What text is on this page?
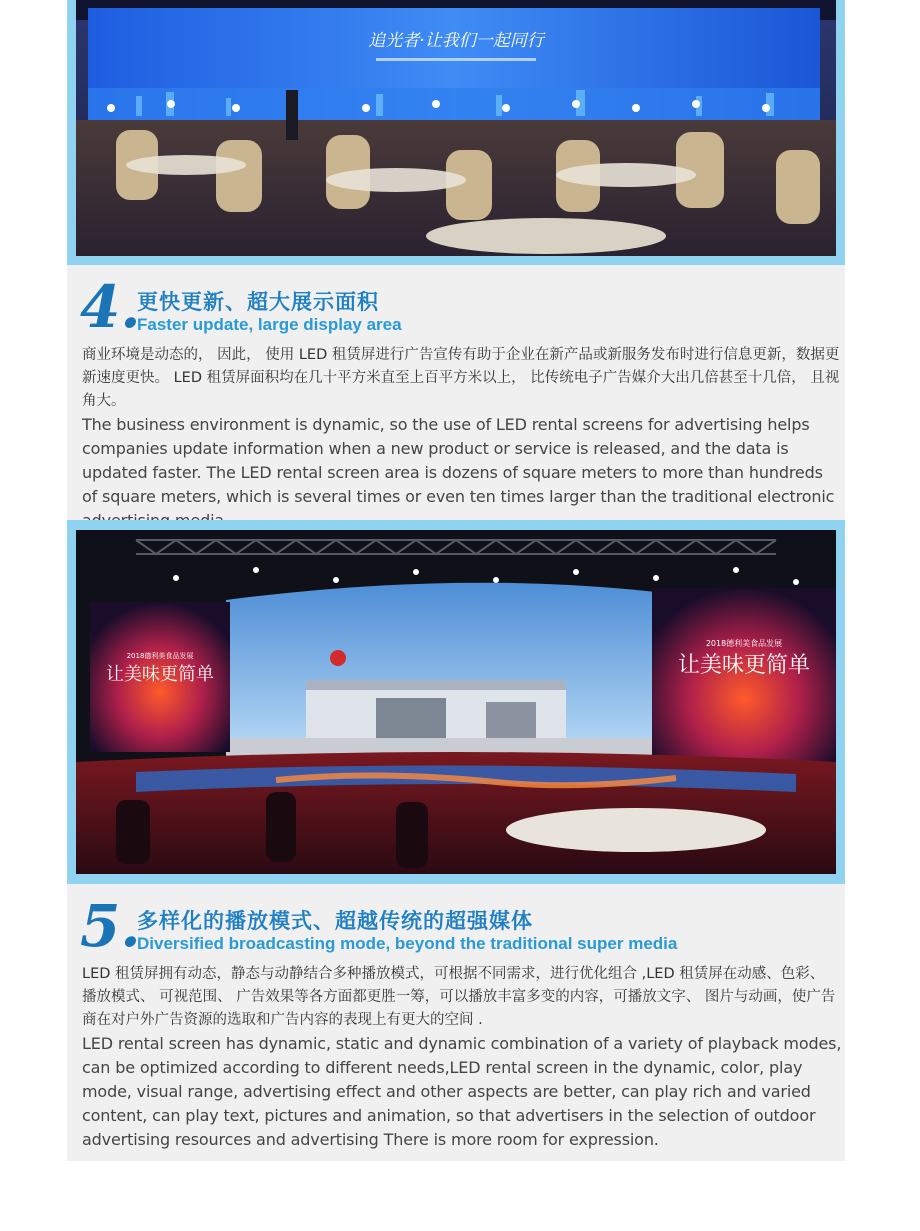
追光者·让我们一起同行
4.
更快更新、超大展示面积
Faster update, large display area
商业环境是动态的， 因此， 使用 LED 租赁屏进行广告宣传有助于企业在新产品或新服务发布时进行信息更新，数据更新速度更快。 LED 租赁屏面积均在几十平方米直至上百平方米以上， 比传统电子广告媒介大出几倍甚至十几倍， 且视角大。
The business environment is dynamic, so the use of LED rental screens for advertising helps companies update information when a new product or service is released, and the data is updated faster. The LED rental screen area is dozens of square meters to more than hundreds of square meters, which is several times or even ten times larger than the traditional electronic
2018德利美食品发展
让美味更简单
2018德利美食品发展
让美味更简单
5.
多样化的播放模式、超越传统的超强媒体
Diversified broadcasting mode, beyond the traditional super media
LED 租赁屏拥有动态，静态与动静结合多种播放模式，可根据不同需求，进行优化组合 ,LED 租赁屏在动感、色彩、 播放模式、 可视范围、 广告效果等各方面都更胜一筹，可以播放丰富多变的内容，可播放文字、 图片与动画，使广告商在对户外广告资源的选取和广告内容的表现上有更大的空间 .
LED rental screen has dynamic, static and dynamic combination of a variety of playback modes, can be optimized according to different needs,LED rental screen in the dynamic, color, play mode, visual range, advertising effect and other aspects are better, can play rich and varied content, can play text, pictures and animation, so that advertisers in the selection of outdoor advertising resources and advertising There is more room for expression.
